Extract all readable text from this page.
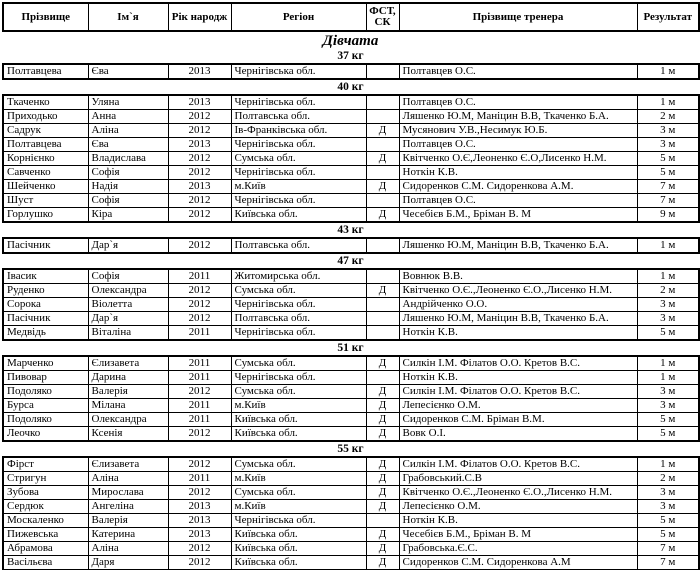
Прізвище	Ім`я	Рік народж	Регіон	ФСТ, СК	Прізвище тренера	Результат
Дівчата
37 кг
Полтавцева	Єва	2013	Чернігівська обл.		Полтавцев О.С.	1 м
40 кг
Ткаченко	Уляна	2013	Чернігівська обл.		Полтавцев О.С.	1 м
Приходько	Анна	2012	Полтавська обл.		Ляшенко Ю.М, Маніцин В.В, Ткаченко Б.А.	2 м
Садрук	Аліна	2012	Ів-Франківська обл.	Д	Мусянович У.В.,Несимук Ю.Б.	3 м
Полтавцева	Єва	2013	Чернігівська обл.		Полтавцев О.С.	3 м
Корнієнко	Владислава	2012	Сумська обл.	Д	Квітченко О.Є,Леоненко Є.О,Лисенко Н.М.	5 м
Савченко	Софія	2012	Чернігівська обл.		Ноткін К.В.	5 м
Шейченко	Надія	2013	м.Київ	Д	Сидоренков С.М. Сидоренкова А.М.	7 м
Шуст	Софія	2012	Чернігівська обл.		Полтавцев О.С.	7 м
Горлушко	Кіра	2012	Київська обл.	Д	Чесебієв Б.М., Бріман В. М	9 м
43 кг
Пасічник	Дар`я	2012	Полтавська обл.		Ляшенко Ю.М, Маніцин В.В, Ткаченко Б.А.	1 м
47 кг
Івасик	Софія	2011	Житомирська обл.		Вовнюк В.В.	1 м
Руденко	Олександра	2012	Сумська обл.	Д	Квітченко О.Є.,Леоненко Є.О.,Лисенко Н.М.	2 м
Сорока	Віолетта	2012	Чернігівська обл.		Андрійченко О.О.	3 м
Пасічник	Дар`я	2012	Полтавська обл.		Ляшенко Ю.М, Маніцин В.В, Ткаченко Б.А.	3 м
Медвідь	Віталіна	2011	Чернігівська обл.		Ноткін К.В.	5 м
51 кг
Марченко	Єлизавета	2011	Сумська обл.	Д	Силкін І.М. Філатов О.О. Кретов В.С.	1 м
Пивовар	Дарина	2011	Чернігівська обл.		Ноткін К.В.	1 м
Подоляко	Валерія	2012	Сумська обл.	Д	Силкін І.М. Філатов О.О. Кретов В.С.	3 м
Бурса	Мілана	2011	м.Київ	Д	Лепесієнко О.М.	3 м
Подоляко	Олександра	2011	Київська обл.	Д	Сидоренков С.М. Бріман В.М.	5 м
Леочко	Ксенія	2012	Київська обл.	Д	Вовк О.І.	5 м
55 кг
Фірст	Єлизавета	2012	Сумська обл.	Д	Силкін І.М. Філатов О.О. Кретов В.С.	1 м
Стригун	Аліна	2011	м.Київ	Д	Грабовський.С.В	2 м
Зубова	Мирослава	2012	Сумська обл.	Д	Квітченко О.Є.,Леоненко Є.О.,Лисенко Н.М.	3 м
Сердюк	Ангеліна	2013	м.Київ	Д	Лепесієнко О.М.	3 м
Москаленко	Валерія	2013	Чернігівська обл.		Ноткін К.В.	5 м
Пижевська	Катерина	2013	Київська обл.	Д	Чесебієв Б.М., Бріман В. М	5 м
Абрамова	Аліна	2012	Київська обл.	Д	Грабовська.Є.С.	7 м
Васільєва	Даря	2012	Київська обл.	Д	Сидоренков С.М. Сидоренкова А.М	7 м
